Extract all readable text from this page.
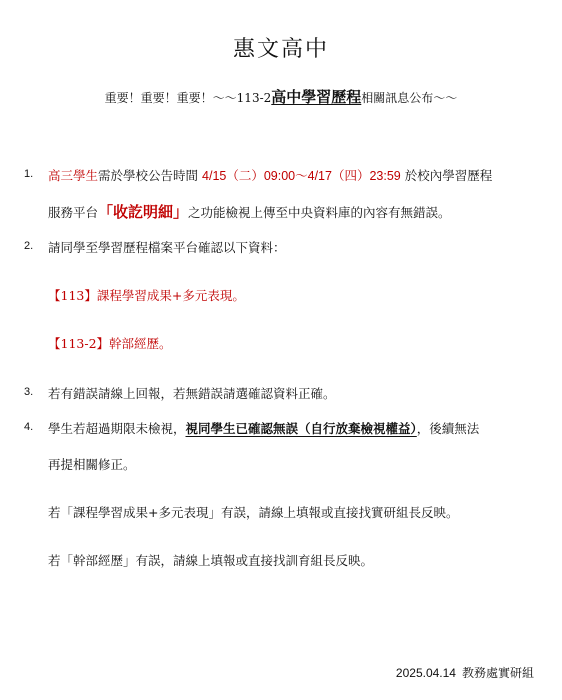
惠文高中
重要！重要！重要！～～113-2高中學習歷程相關訊息公布～～
1. 高三學生需於學校公告時間 4/15（二）09:00～4/17（四）23:59 於校內學習歷程
服務平台「收訖明細」之功能檢視上傳至中央資料庫的內容有無錯誤。
2. 請同學至學習歷程檔案平台確認以下資料：
【113】課程學習成果+多元表現。
【113-2】幹部經歷。
3. 若有錯誤請線上回報，若無錯誤請選確認資料正確。
4. 學生若超過期限未檢視，視同學生已確認無誤（自行放棄檢視權益），後續無法
再提相關修正。
若「課程學習成果+多元表現」有誤，請線上填報或直接找實研組長反映。
若「幹部經歷」有誤，請線上填報或直接找訓育組長反映。
2025.04.14 教務處實研組
